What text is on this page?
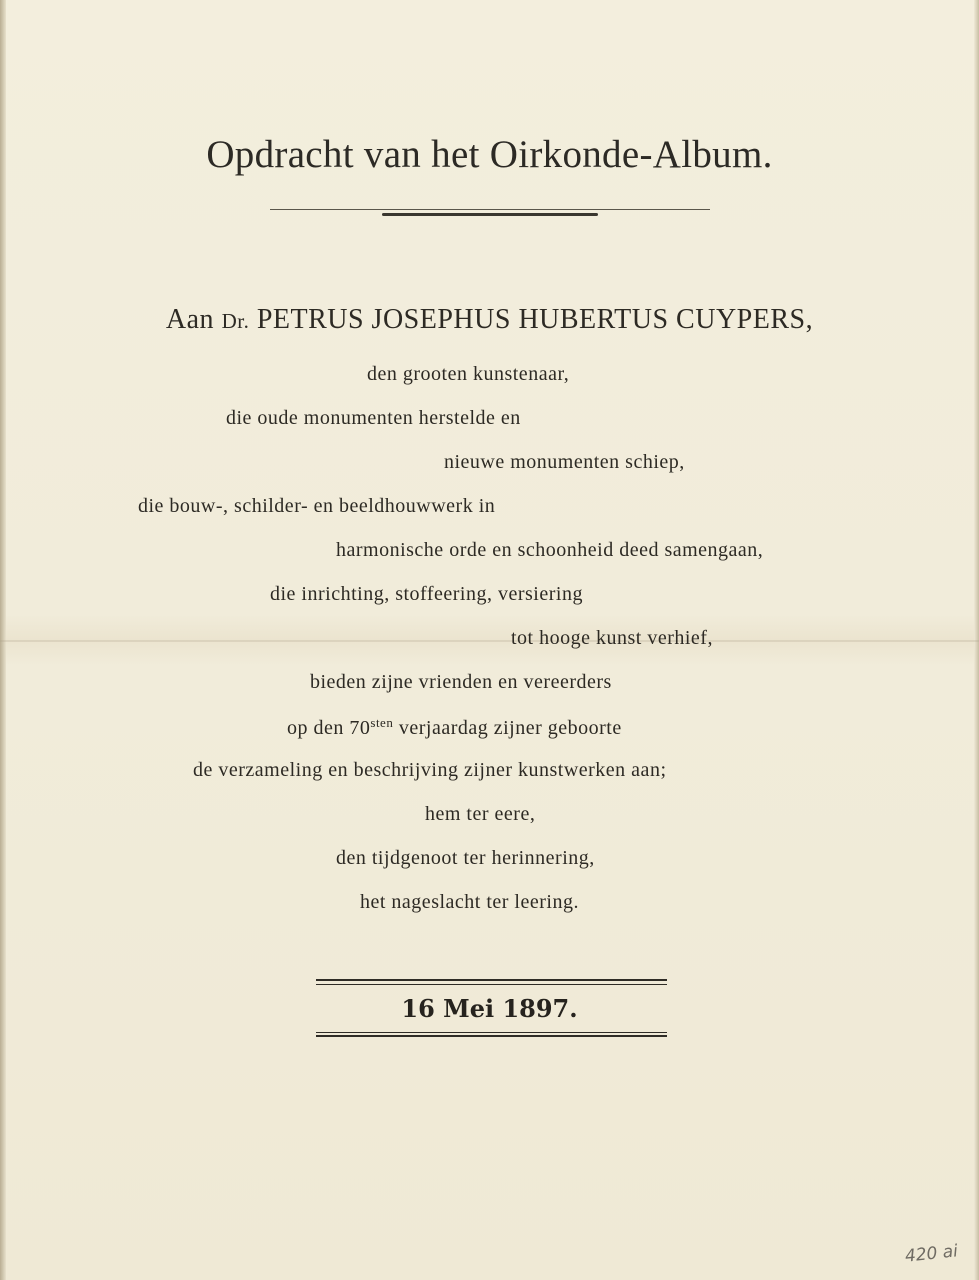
Opdracht van het Oirkonde-Album.
Aan Dr. PETRUS JOSEPHUS HUBERTUS CUYPERS,
den grooten kunstenaar,
die oude monumenten herstelde en
nieuwe monumenten schiep,
die bouw-, schilder- en beeldhouwwerk in
harmonische orde en schoonheid deed samengaan,
die inrichting, stoffeering, versiering
tot hooge kunst verhief,
bieden zijne vrienden en vereerders
op den $70^{sten}$ verjaardag zijner geboorte
de verzameling en beschrijving zijner kunstwerken aan;
hem ter eere,
den tijdgenoot ter herinnering,
het nageslacht ter leering.
16 Mei 1897.
420 ai
